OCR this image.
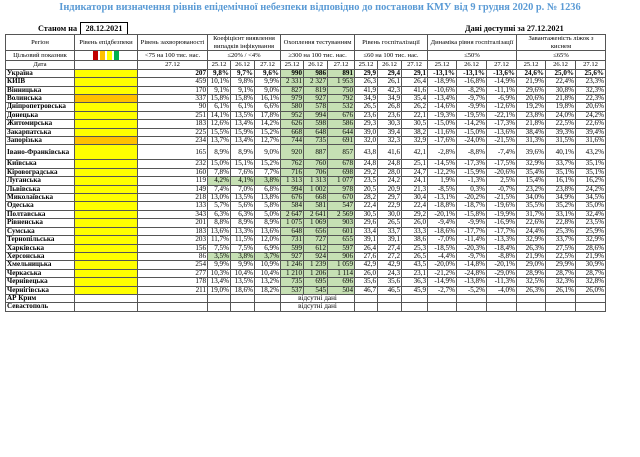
Індикатори визначення рівнів епідемічної небезпеки відповідно до постанови КМУ від 9 грудня 2020 р. № 1236
Станом на	28.12.2021	Дані доступні за 27.12.2021
Регіон	Рівень епідбезпеки	Рівень захворюваності	Коефіцієнт виявлення випадків інфікування			Охоплення тестуванням			Рівень госпіталізації			Динаміка рівня госпіталізації			Завантаженість ліжок з киснем		
Цільовий показник		<75 на 100 тис. нас.	≤20% / <4%			≥300 на 100 тис. нас.			≤60 на 100 тис. нас.			≤50%			≤65%		
Дата		27.12	25.12	26.12	27.12	25.12	26.12	27.12	25.12	26.12	27.12	25.12	26.12	27.12	25.12	26.12	27.12
Україна		207	9,8%	9,7%	9,6%	990	986	891	29,9	29,4	29,1	-13,1%	-13,1%	-13,6%	24,6%	25,0%	25,6%
КИЇВ		459	10,1%	9,8%	9,9%	2 331	2 327	1 953	26,3	26,1	26,4	-18,9%	-16,8%	-14,9%	21,9%	22,4%	23,3%
Вінницька		170	9,1%	9,1%	9,0%	827	819	750	41,9	42,3	41,6	-10,6%	-8,2%	-11,1%	29,6%	30,8%	32,3%
Волинська		337	15,8%	15,8%	16,1%	979	927	792	34,9	34,9	35,4	-13,4%	-9,7%	-6,9%	20,6%	21,8%	22,3%
Дніпропетровська		90	6,1%	6,1%	6,6%	580	578	532	26,5	26,8	26,2	-14,6%	-9,9%	-12,6%	19,2%	19,8%	20,6%
Донецька		251	14,1%	13,5%	17,8%	952	994	676	23,6	23,6	22,1	-19,3%	-19,5%	-22,1%	23,8%	24,0%	24,2%
Житомирська		183	12,6%	13,4%	14,2%	626	598	586	29,3	30,3	30,5	-15,0%	-14,2%	-17,3%	21,8%	22,5%	22,6%
Закарпатська		225	15,5%	15,9%	15,2%	668	648	644	39,0	39,4	38,2	-11,6%	-15,0%	-13,6%	38,4%	39,3%	39,4%
Запорізька		234	13,7%	13,4%	12,7%	744	735	691	32,0	32,3	32,9	-17,6%	-24,0%	-21,5%	31,3%	31,5%	31,6%
Івано-Франківська		165	8,9%	8,9%	9,0%	920	887	857	43,8	41,6	42,1	-2,8%	-8,8%	-7,4%	39,6%	40,1%	43,2%
Київська		232	15,0%	15,1%	15,2%	762	760	678	24,8	24,8	25,1	-14,5%	-17,3%	-17,5%	32,9%	33,7%	35,1%
Кіровоградська		160	7,8%	7,6%	7,7%	716	706	698	29,2	28,0	24,7	-12,2%	-15,9%	-20,6%	35,4%	35,1%	35,1%
Луганська		119	4,2%	4,1%	3,8%	1 313	1 313	1 077	23,5	24,2	24,1	1,9%	-1,3%	2,5%	15,4%	16,1%	16,2%
Львівська		149	7,4%	7,0%	6,8%	994	1 002	978	20,5	20,9	21,3	-8,5%	0,3%	-0,7%	23,2%	23,8%	24,2%
Миколаївська		218	13,0%	13,5%	13,8%	676	668	670	28,2	29,7	30,4	-13,1%	-20,2%	-21,5%	34,0%	34,9%	34,5%
Одеська		133	5,7%	5,6%	5,8%	584	581	547	22,4	22,9	22,4	-18,8%	-18,7%	-19,6%	35,5%	35,2%	35,0%
Полтавська		343	6,3%	6,3%	5,0%	2 647	2 641	2 569	30,5	30,0	29,2	-20,1%	-15,8%	-19,9%	31,7%	33,1%	32,4%
Рівненська		201	8,8%	8,9%	8,9%	1 075	1 069	903	29,6	26,5	26,0	-9,4%	-9,9%	-16,9%	22,6%	22,8%	23,5%
Сумська		183	13,6%	13,3%	13,6%	648	656	601	33,4	33,7	33,3	-18,6%	-17,7%	-17,7%	24,4%	25,3%	25,9%
Тернопільська		203	11,7%	11,5%	12,0%	731	727	655	39,1	39,1	38,6	-7,0%	-11,4%	-13,3%	32,9%	33,7%	32,9%
Харківська		156	7,5%	7,5%	6,9%	599	612	597	26,4	27,4	25,3	-18,5%	-20,3%	-18,4%	26,3%	27,5%	28,6%
Херсонська		86	3,5%	3,8%	3,7%	927	924	906	27,6	27,2	26,5	-4,4%	-9,7%	-8,8%	21,9%	22,5%	21,9%
Хмельницька		254	9,9%	9,9%	10,9%	1 246	1 239	1 059	42,9	42,9	43,5	-20,0%	-14,8%	-20,1%	29,0%	29,9%	30,9%
Черкаська		277	10,3%	10,4%	10,4%	1 210	1 206	1 114	26,0	24,3	23,1	-21,2%	-24,8%	-29,0%	28,9%	28,7%	28,7%
Чернівецька		178	13,4%	13,5%	13,2%	735	695	696	35,6	35,6	36,3	-14,9%	-13,8%	-11,3%	32,5%	32,3%	32,8%
Чернігівська		211	19,0%	18,6%	18,2%	537	545	504	46,7	46,5	45,9	-2,7%	-5,2%	-4,0%	26,3%	26,1%	26,0%
АР Крим						відсутні дані											
Севастополь						відсутні дані											
